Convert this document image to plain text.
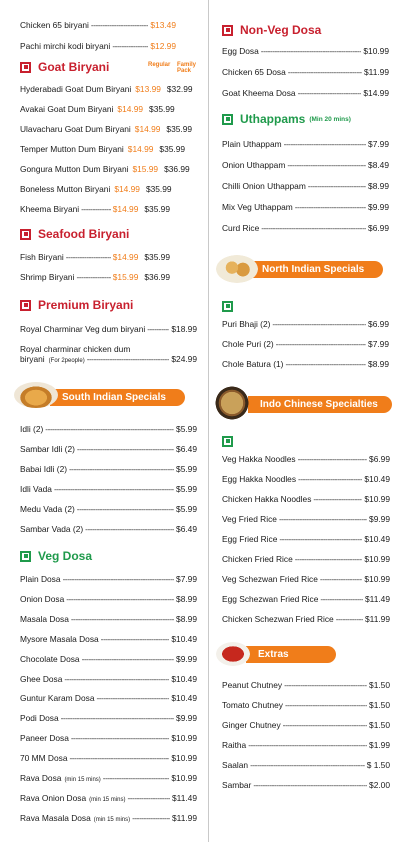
Chicken 65 biryani -----	$13.49
Pachi mirchi kodi biryani -----	$12.99
Goat Biryani	Regular Family Pack
Hyderabadi Goat Dum Biryani $13.99 $32.99
Avakai Goat Dum Biryani $14.99 $35.99
Ulavacharu Goat Dum Biryani $14.99 $35.99
Temper Mutton Dum Biryani $14.99 $35.99
Gongura Mutton Dum Biryani $15.99 $36.99
Boneless Mutton Biryani $14.99 $35.99
Kheema Biryani -----	$14.99 $35.99
Seafood Biryani
Fish Biryani -----	$14.99 $35.99
Shrimp Biryani -----	$15.99 $36.99
Premium Biryani
Royal Charminar Veg dum biryani -----	$18.99
Royal charminar chicken dum
biryani (For 2people) -----	$24.99
South Indian Specials
Idli (2) -----	$5.99
Sambar Idli (2) -----	$6.49
Babai Idli (2) -----	$5.99
Idli Vada -----	$5.99
Medu Vada (2) -----	$5.99
Sambar Vada (2) -----	$6.49
Veg Dosa
Plain Dosa -----	$7.99
Onion Dosa -----	$8.99
Masala Dosa -----	$8.99
Mysore Masala Dosa -----	$10.49
Chocolate Dosa -----	$9.99
Ghee Dosa -----	$10.49
Guntur Karam Dosa -----	$10.49
Podi Dosa -----	$9.99
Paneer Dosa -----	$10.99
70 MM Dosa -----	$10.99
Rava Dosa (min 15 mins) -----	$10.99
Rava Onion Dosa (min 15 mins) -----	$11.49
Rava Masala Dosa (min 15 mins) -----	$11.99
Non-Veg Dosa
Egg Dosa -----	$10.99
Chicken 65 Dosa -----	$11.99
Goat Kheema Dosa -----	$14.99
Uthappams (Min 20 mins)
Plain Uthappam -----	$7.99
Onion Uthappam -----	$8.49
Chilli Onion Uthappam -----	$8.99
Mix Veg Uthappam -----	$9.99
Curd Rice -----	$6.99
North Indian Specials
Puri Bhaji (2) -----	$6.99
Chole Puri (2) -----	$7.99
Chole Batura (1) -----	$8.99
Indo Chinese Specialties
Veg Hakka Noodles -----	$6.99
Egg Hakka Noodles -----	$10.49
Chicken Hakka Noodles -----	$10.99
Veg Fried Rice -----	$9.99
Egg Fried Rice -----	$10.49
Chicken Fried Rice -----	$10.99
Veg Schezwan Fried Rice -----	$10.99
Egg Schezwan Fried Rice -----	$11.49
Chicken Schezwan Fried Rice -----	$11.99
Extras
Peanut Chutney -----	$1.50
Tomato Chutney -----	$1.50
Ginger Chutney -----	$1.50
Raitha -----	$1.99
Saalan -----	$ 1.50
Sambar -----	$2.00
